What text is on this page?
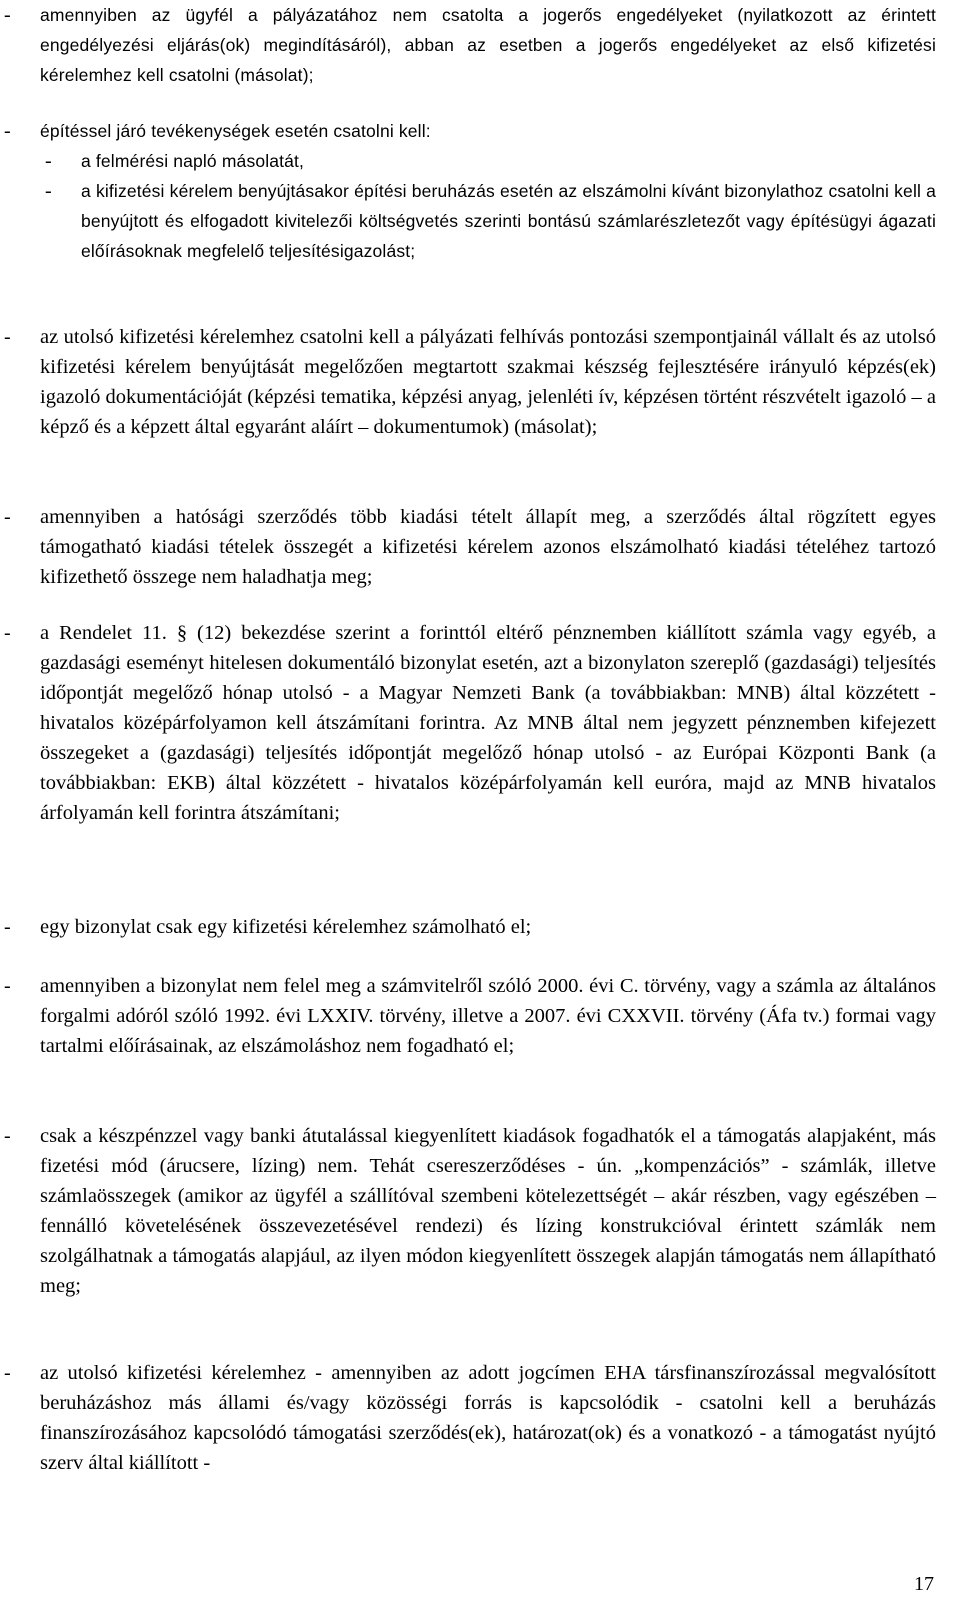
- amennyiben az ügyfél a pályázatához nem csatolta a jogerős engedélyeket (nyilatkozott az érintett engedélyezési eljárás(ok) megindításáról), abban az esetben a jogerős engedélyeket az első kifizetési kérelemhez kell csatolni (másolat);
- építéssel járó tevékenységek esetén csatolni kell:
- a felmérési napló másolatát,
- a kifizetési kérelem benyújtásakor építési beruházás esetén az elszámolni kívánt bizonylathoz csatolni kell a benyújtott és elfogadott kivitelezői költségvetés szerinti bontású számlarészletezőt vagy építésügyi ágazati előírásoknak megfelelő teljesítésigazolást;
- az utolsó kifizetési kérelemhez csatolni kell a pályázati felhívás pontozási szempontjainál vállalt és az utolsó kifizetési kérelem benyújtását megelőzően megtartott szakmai készség fejlesztésére irányuló képzés(ek) igazoló dokumentációját (képzési tematika, képzési anyag, jelenléti ív, képzésen történt részvételt igazoló – a képző és a képzett által egyaránt aláírt – dokumentumok) (másolat);
- amennyiben a hatósági szerződés több kiadási tételt állapít meg, a szerződés által rögzített egyes támogatható kiadási tételek összegét a kifizetési kérelem azonos elszámolható kiadási tételéhez tartozó kifizethető összege nem haladhatja meg;
- a Rendelet 11. § (12) bekezdése szerint a forinttól eltérő pénznemben kiállított számla vagy egyéb, a gazdasági eseményt hitelesen dokumentáló bizonylat esetén, azt a bizonylaton szereplő (gazdasági) teljesítés időpontját megelőző hónap utolsó - a Magyar Nemzeti Bank (a továbbiakban: MNB) által közzétett - hivatalos középárfolyamon kell átszámítani forintra. Az MNB által nem jegyzett pénznemben kifejezett összegeket a (gazdasági) teljesítés időpontját megelőző hónap utolsó - az Európai Központi Bank (a továbbiakban: EKB) által közzétett - hivatalos középárfolyamán kell euróra, majd az MNB hivatalos árfolyamán kell forintra átszámítani;
- egy bizonylat csak egy kifizetési kérelemhez számolható el;
- amennyiben a bizonylat nem felel meg a számvitelről szóló 2000. évi C. törvény, vagy a számla az általános forgalmi adóról szóló 1992. évi LXXIV. törvény, illetve a 2007. évi CXXVII. törvény (Áfa tv.) formai vagy tartalmi előírásainak, az elszámoláshoz nem fogadható el;
- csak a készpénzzel vagy banki átutalással kiegyenlített kiadások fogadhatók el a támogatás alapjaként, más fizetési mód (árucsere, lízing) nem. Tehát csereszerződéses - ún. „kompenzációs” - számlák, illetve számlaösszegek (amikor az ügyfél a szállítóval szembeni kötelezettségét – akár részben, vagy egészében – fennálló követelésének összevezetésével rendezi) és lízing konstrukcióval érintett számlák nem szolgálhatnak a támogatás alapjául, az ilyen módon kiegyenlített összegek alapján támogatás nem állapítható meg;
- az utolsó kifizetési kérelemhez - amennyiben az adott jogcímen EHA társfinanszírozással megvalósított beruházáshoz más állami és/vagy közösségi forrás is kapcsolódik - csatolni kell a beruházás finanszírozásához kapcsolódó támogatási szerződés(ek), határozat(ok) és a vonatkozó - a támogatást nyújtó szerv által kiállított -
17
